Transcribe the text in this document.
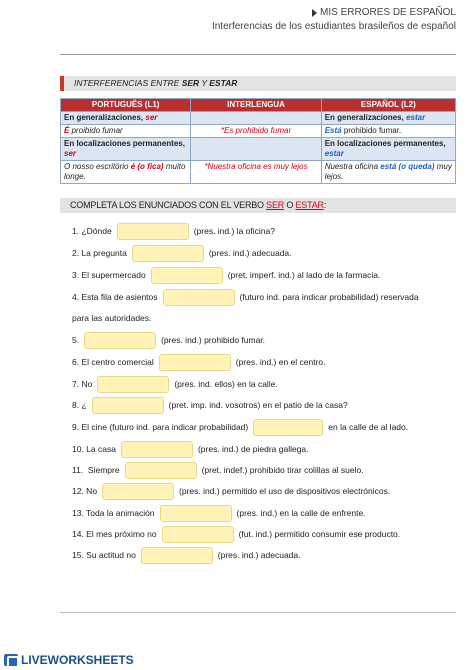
MIS ERRORES DE ESPAÑOL
Interferencias de los estudiantes brasileños de español
INTERFERENCIAS ENTRE SER Y ESTAR
PORTUGUÊS (L1)	INTERLENGUA	ESPAÑOL (L2)
En generalizaciones, ser		En generalizaciones, estar
É proibido fumar	*Es prohibido fumar	Está prohibido fumar.
En localizaciones permanentes, ser		En localizaciones permanentes, estar
O nosso escritório é (o fica) muito longe.	*Nuestra oficina es muy lejos	Nuestra oficina está (o queda) muy lejos.
COMPLETA LOS ENUNCIADOS CON EL VERBO SER O ESTAR:
1. ¿Dónde	(pres. ind.) la oficina?
2. La pregunta	(pres. ind.) adecuada.
3. El supermercado	(pret. imperf. ind.) al lado de la farmacia.
4. Esta fila de asientos	(futuro ind. para indicar probabilidad) reservada
para las autoridades.
5.	(pres. ind.) prohibido fumar.
6. El centro comercial	(pres. ind.) en el centro.
7. No	(pres. ind. ellos) en la calle.
8. ¿	(pret. imp. ind. vosotros) en el patio de la casa?
9. El cine (futuro ind. para indicar probabilidad)	en la calle de al lado.
10. La casa	(pres. ind.) de piedra gallega.
11.  Siempre	(pret. indef.) prohibido tirar colillas al suelo.
12. No	(pres. ind.) permitido el uso de dispositivos electrónicos.
13. Toda la animación	(pres. ind.) en la calle de enfrente.
14. El mes próximo no	(fut. ind.) permitido consumir ese producto.
15. Su actitud no	(pres. ind.) adecuada.
LIVEWORKSHEETS
